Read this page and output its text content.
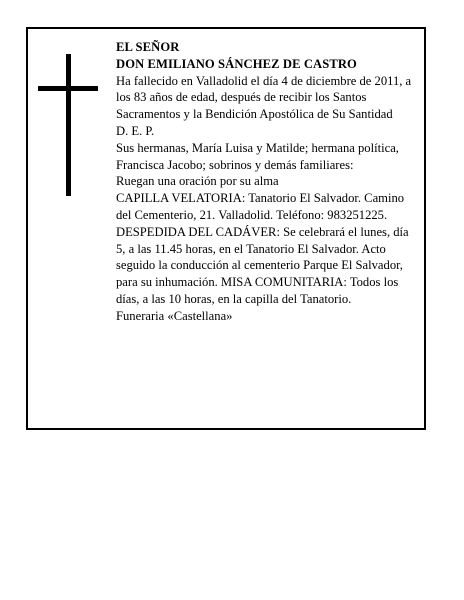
EL SEÑOR

DON EMILIANO SÁNCHEZ DE CASTRO

Ha fallecido en Valladolid el día 4 de diciembre de 2011, a los 83 años de edad, después de recibir los Santos Sacramentos y la Bendición Apostólica de Su Santidad

D. E. P.

Sus hermanas, María Luisa y Matilde; hermana política, Francisca Jacobo; sobrinos y demás familiares:

Ruegan una oración por su alma

CAPILLA VELATORIA: Tanatorio El Salvador. Camino del Cementerio, 21. Valladolid. Teléfono: 983251225.

DESPEDIDA DEL CADÁVER: Se celebrará el lunes, día 5, a las 11.45 horas, en el Tanatorio El Salvador. Acto seguido la conducción al cementerio Parque El Salvador, para su inhumación. MISA COMUNITARIA: Todos los días, a las 10 horas, en la capilla del Tanatorio.

Funeraria «Castellana»
